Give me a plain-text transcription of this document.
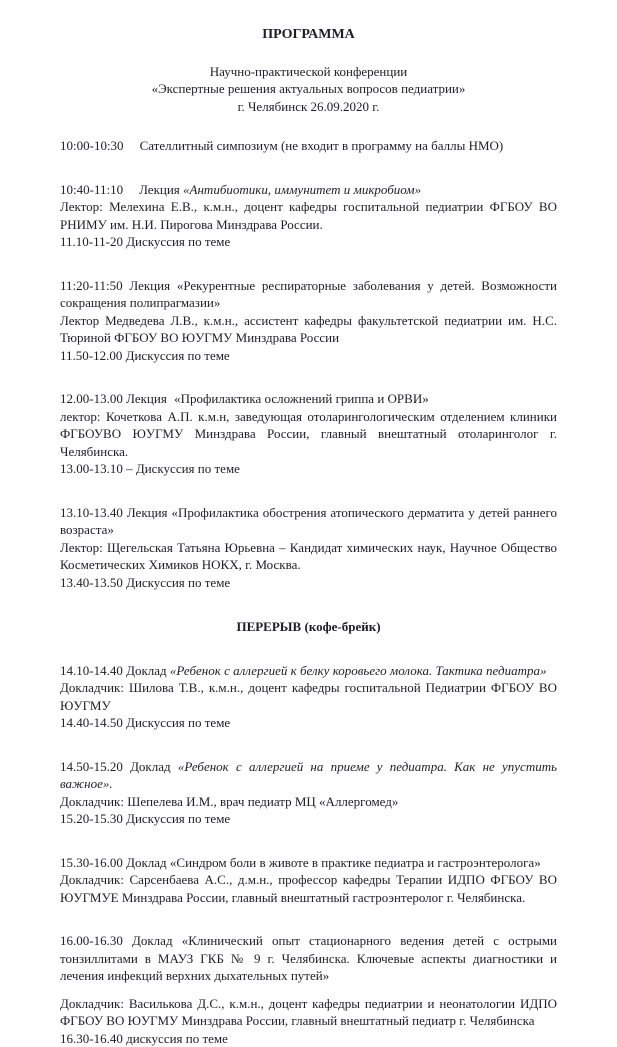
ПРОГРАММА

Научно-практической конференции

«Экспертные решения актуальных вопросов педиатрии»

г. Челябинск 26.09.2020 г.

10:00-10:30 Сателлитный симпозиум (не входит в программу на баллы НМО)

10:40-11:10 Лекция «Антибиотики, иммунитет и микробиом»

Лектор: Мелехина Е.В., к.м.н., доцент кафедры госпитальной педиатрии ФГБОУ ВО РНИМУ им. Н.И. Пирогова Минздрава России.

11.10-11-20 Дискуссия по теме

11:20-11:50 Лекция «Рекурентные респираторные заболевания у детей. Возможности сокращения полипрагмазии»

Лектор Медведева Л.В., к.м.н., ассистент кафедры факультетской педиатрии им. Н.С. Тюриной ФГБОУ ВО ЮУГМУ Минздрава России

11.50-12.00 Дискуссия по теме

12.00-13.00 Лекция «Профилактика осложнений гриппа и ОРВИ»

лектор: Кочеткова А.П. к.м.н, заведующая отоларингологическим отделением клиники ФГБОУВО ЮУГМУ Минздрава России, главный внештатный отоларинголог г. Челябинска.

13.00-13.10 – Дискуссия по теме

13.10-13.40 Лекция «Профилактика обострения атопического дерматита у детей раннего возраста»

Лектор: Щегельская Татьяна Юрьевна – Кандидат химических наук, Научное Общество Косметических Химиков НОКХ, г. Москва.

13.40-13.50 Дискуссия по теме

ПЕРЕРЫВ (кофе-брейк)

14.10-14.40 Доклад «Ребенок с аллергией к белку коровьего молока. Тактика педиатра»

Докладчик: Шилова Т.В., к.м.н., доцент кафедры госпитальной Педиатрии ФГБОУ ВО ЮУГМУ

14.40-14.50 Дискуссия по теме

14.50-15.20 Доклад «Ребенок с аллергией на приеме у педиатра. Как не упустить важное».

Докладчик: Шепелева И.М., врач педиатр МЦ «Аллергомед»

15.20-15.30 Дискуссия по теме

15.30-16.00 Доклад «Синдром боли в животе в практике педиатра и гастроэнтеролога»

Докладчик: Сарсенбаева А.С., д.м.н., профессор кафедры Терапии ИДПО ФГБОУ ВО ЮУГМУЕ Минздрава России, главный внештатный гастроэнтеролог г. Челябинска.

16.00-16.30 Доклад «Клинический опыт стационарного ведения детей с острыми тонзиллитами в МАУЗ ГКБ № 9 г. Челябинска. Ключевые аспекты диагностики и лечения инфекций верхних дыхательных путей»

Докладчик: Василькова Д.С., к.м.н., доцент кафедры педиатрии и неонатологии ИДПО ФГБОУ ВО ЮУГМУ Минздрава России, главный внештатный педиатр г. Челябинска

16.30-16.40 дискуссия по теме
